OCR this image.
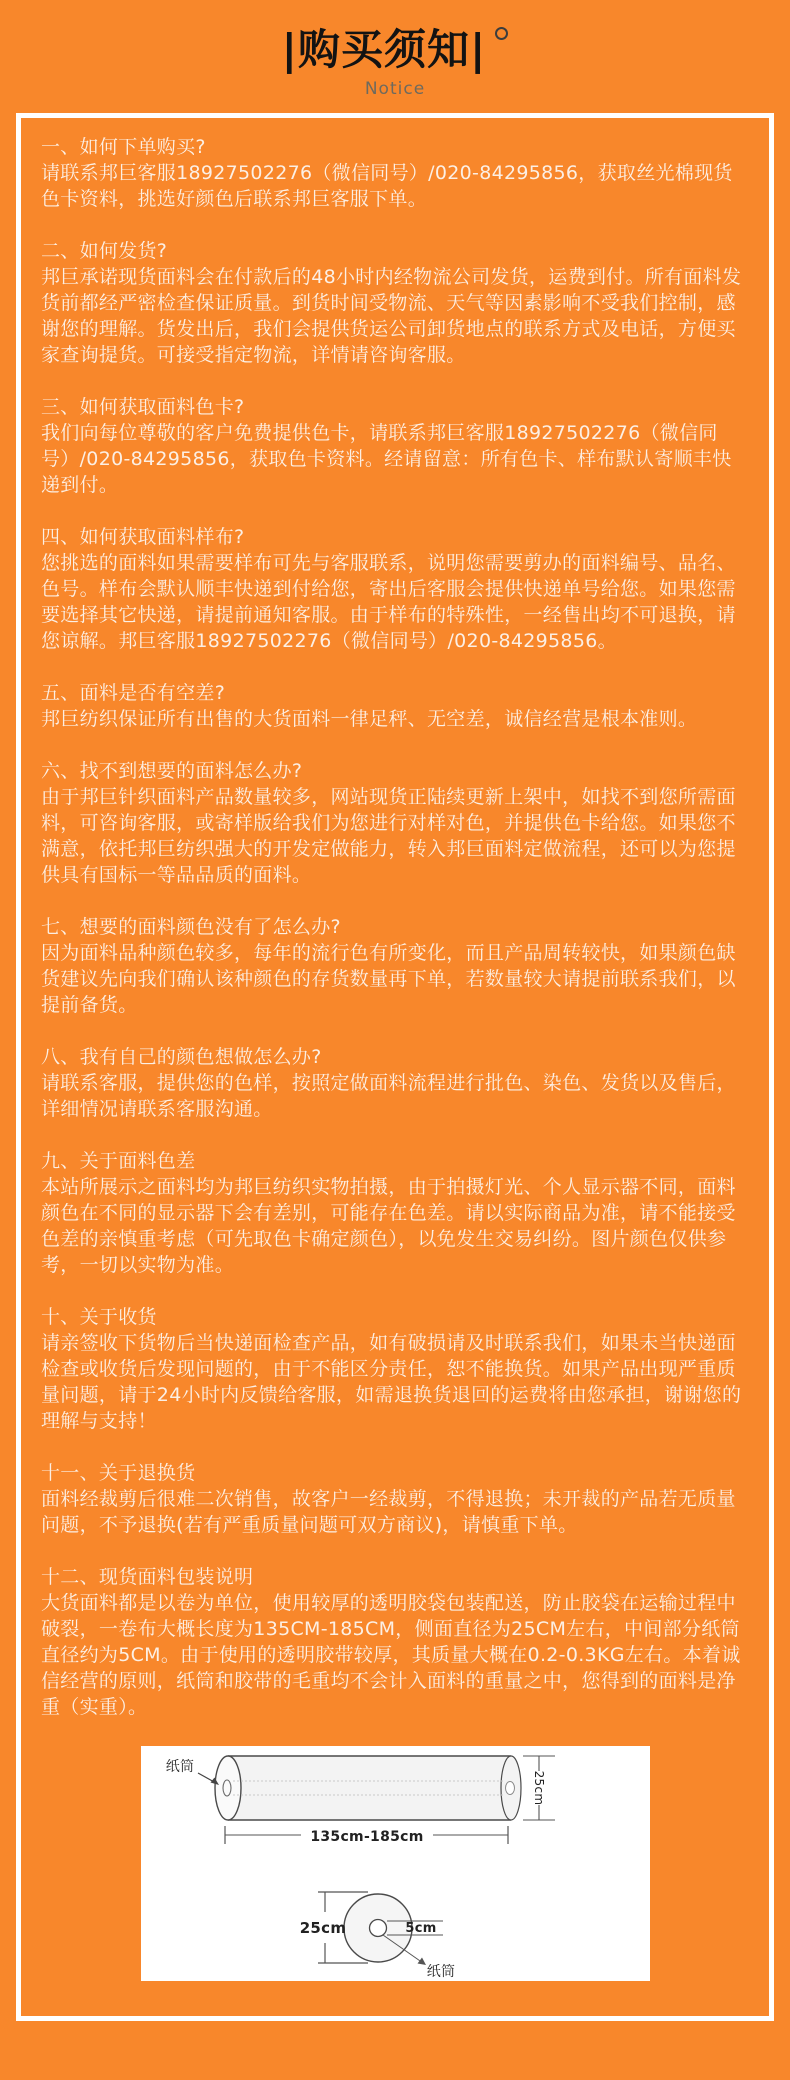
|购买须知|
Notice
一、如何下单购买?
请联系邦巨客服18927502276（微信同号）/020-84295856，获取丝光棉现货色卡资料，挑选好颜色后联系邦巨客服下单。
二、如何发货?
邦巨承诺现货面料会在付款后的48小时内经物流公司发货，运费到付。所有面料发货前都经严密检查保证质量。到货时间受物流、天气等因素影响不受我们控制，感谢您的理解。货发出后，我们会提供货运公司卸货地点的联系方式及电话，方便买家查询提货。可接受指定物流，详情请咨询客服。
三、如何获取面料色卡?
我们向每位尊敬的客户免费提供色卡，请联系邦巨客服18927502276（微信同号）/020-84295856，获取色卡资料。经请留意：所有色卡、样布默认寄顺丰快递到付。
四、如何获取面料样布?
您挑选的面料如果需要样布可先与客服联系，说明您需要剪办的面料编号、品名、色号。样布会默认顺丰快递到付给您，寄出后客服会提供快递单号给您。如果您需要选择其它快递，请提前通知客服。由于样布的特殊性，一经售出均不可退换，请您谅解。邦巨客服18927502276（微信同号）/020-84295856。
五、面料是否有空差?
邦巨纺织保证所有出售的大货面料一律足秤、无空差，诚信经营是根本准则。
六、找不到想要的面料怎么办?
由于邦巨针织面料产品数量较多，网站现货正陆续更新上架中，如找不到您所需面料，可咨询客服，或寄样版给我们为您进行对样对色，并提供色卡给您。如果您不满意，依托邦巨纺织强大的开发定做能力，转入邦巨面料定做流程，还可以为您提供具有国标一等品品质的面料。
七、想要的面料颜色没有了怎么办?
因为面料品种颜色较多，每年的流行色有所变化，而且产品周转较快，如果颜色缺货建议先向我们确认该种颜色的存货数量再下单，若数量较大请提前联系我们，以提前备货。
八、我有自己的颜色想做怎么办?
请联系客服，提供您的色样，按照定做面料流程进行批色、染色、发货以及售后，详细情况请联系客服沟通。
九、关于面料色差
本站所展示之面料均为邦巨纺织实物拍摄，由于拍摄灯光、个人显示器不同，面料颜色在不同的显示器下会有差别，可能存在色差。请以实际商品为准，请不能接受色差的亲慎重考虑（可先取色卡确定颜色），以免发生交易纠纷。图片颜色仅供参考，一切以实物为准。
十、关于收货
请亲签收下货物后当快递面检查产品，如有破损请及时联系我们，如果未当快递面检查或收货后发现问题的，由于不能区分责任，恕不能换货。如果产品出现严重质量问题，请于24小时内反馈给客服，如需退换货退回的运费将由您承担，谢谢您的理解与支持！
十一、关于退换货
面料经裁剪后很难二次销售，故客户一经裁剪，不得退换；未开裁的产品若无质量问题，不予退换(若有严重质量问题可双方商议)，请慎重下单。
十二、现货面料包装说明
大货面料都是以卷为单位，使用较厚的透明胶袋包装配送，防止胶袋在运输过程中破裂，一卷布大概长度为135CM-185CM，侧面直径为25CM左右，中间部分纸筒直径约为5CM。由于使用的透明胶带较厚，其质量大概在0.2-0.3KG左右。本着诚信经营的原则，纸筒和胶带的毛重均不会计入面料的重量之中，您得到的面料是净重（实重）。
纸筒
135cm-185cm
25cm
25cm	5cm
纸筒
